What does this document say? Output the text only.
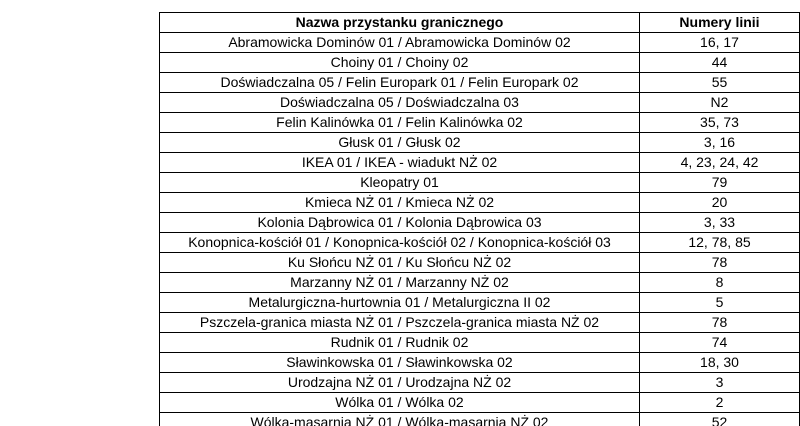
Nazwa przystanku granicznego	Numery linii
Abramowicka Dominów 01 / Abramowicka Dominów 02	16, 17
Choiny 01 / Choiny 02	44
Doświadczalna 05 / Felin Europark 01 / Felin Europark 02	55
Doświadczalna 05 / Doświadczalna 03	N2
Felin Kalinówka 01 / Felin Kalinówka 02	35, 73
Głusk 01 / Głusk 02	3, 16
IKEA 01 / IKEA - wiadukt NŻ 02	4, 23, 24, 42
Kleopatry 01	79
Kmieca NŻ 01 / Kmieca NŻ 02	20
Kolonia Dąbrowica 01 / Kolonia Dąbrowica 03	3, 33
Konopnica-kościół 01 / Konopnica-kościół 02 / Konopnica-kościół 03	12, 78, 85
Ku Słońcu NŻ 01 / Ku Słońcu NŻ 02	78
Marzanny NŻ 01 / Marzanny NŻ 02	8
Metalurgiczna-hurtownia 01 / Metalurgiczna II 02	5
Pszczela-granica miasta NŻ 01 / Pszczela-granica miasta NŻ 02	78
Rudnik 01 / Rudnik 02	74
Sławinkowska 01 / Sławinkowska 02	18, 30
Urodzajna NŻ 01 / Urodzajna NŻ 02	3
Wólka 01 / Wólka 02	2
Wólka-masarnia NŻ 01 / Wólka-masarnia NŻ 02	52
